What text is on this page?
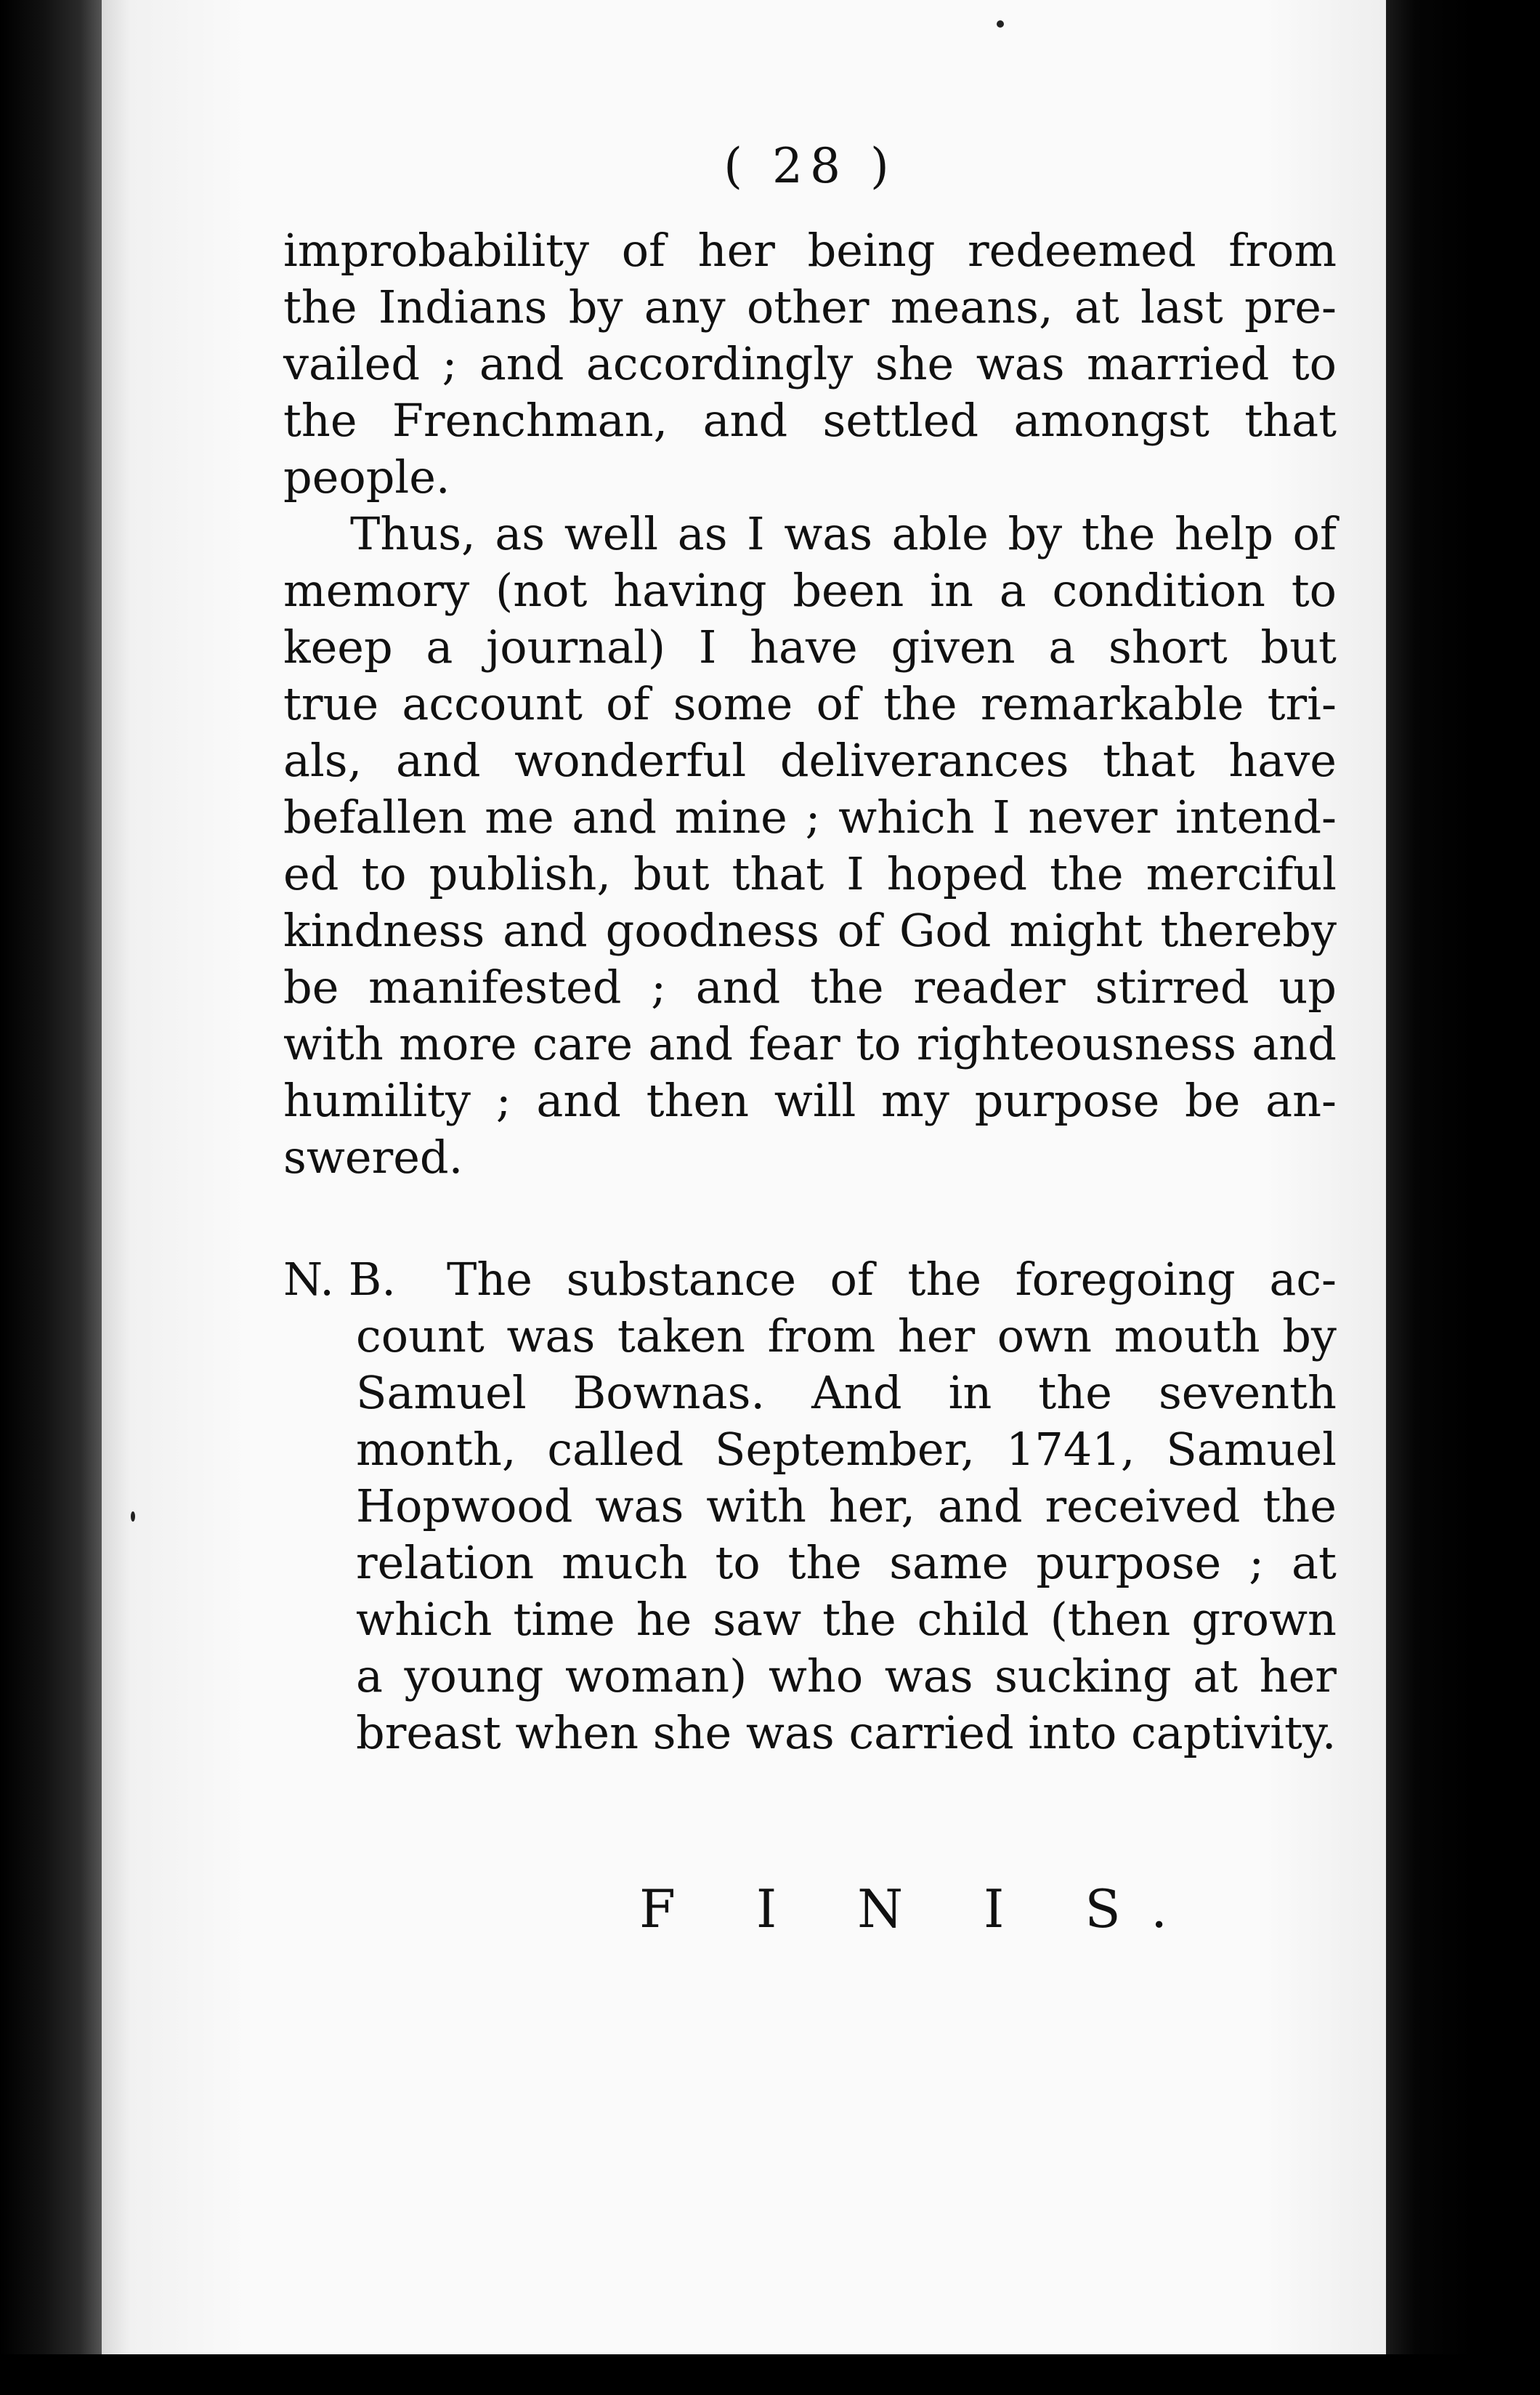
( 28 )
improbability of her being redeemed from
the Indians by any other means, at last pre-
vailed ; and accordingly she was married to
the Frenchman, and settled amongst that
people.
Thus, as well as I was able by the help of
memory (not having been in a condition to
keep a journal) I have given a short but
true account of some of the remarkable tri-
als, and wonderful deliverances that have
befallen me and mine ; which I never intend-
ed to publish, but that I hoped the merciful
kindness and goodness of God might thereby
be manifested ; and the reader stirred up
with more care and fear to righteousness and
humility ; and then will my purpose be an-
swered.
N. B. The substance of the foregoing ac-
count was taken from her own mouth by
Samuel Bownas. And in the seventh
month, called September, 1741, Samuel
Hopwood was with her, and received the
relation much to the same purpose ; at
which time he saw the child (then grown
a young woman) who was sucking at her
breast when she was carried into captivity.
F I N I S.
